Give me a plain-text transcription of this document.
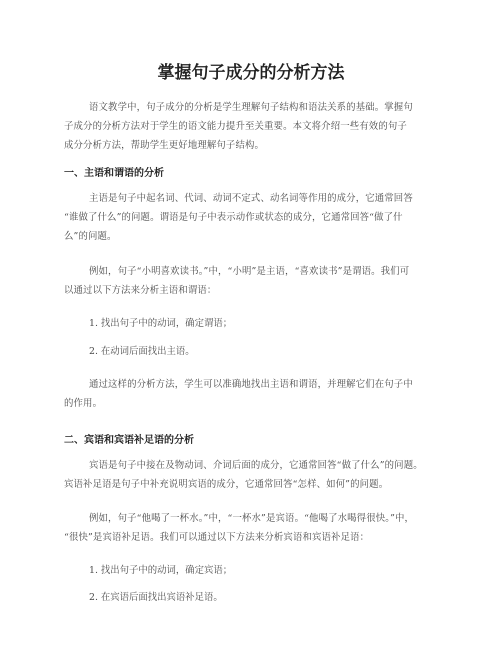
掌握句子成分的分析方法
语文教学中，句子成分的分析是学生理解句子结构和语法关系的基础。掌握句
子成分的分析方法对于学生的语文能力提升至关重要。本文将介绍一些有效的句子
成分分析方法，帮助学生更好地理解句子结构。
一、主语和谓语的分析
主语是句子中起名词、代词、动词不定式、动名词等作用的成分，它通常回答
“谁做了什么”的问题。谓语是句子中表示动作或状态的成分，它通常回答“做了什
么”的问题。
例如，句子“小明喜欢读书。”中，“小明”是主语，“喜欢读书”是谓语。我们可
以通过以下方法来分析主语和谓语：
1. 找出句子中的动词，确定谓语；
2. 在动词后面找出主语。
通过这样的分析方法，学生可以准确地找出主语和谓语，并理解它们在句子中
的作用。
二、宾语和宾语补足语的分析
宾语是句子中接在及物动词、介词后面的成分，它通常回答“做了什么”的问题。
宾语补足语是句子中补充说明宾语的成分，它通常回答“怎样、如何”的问题。
例如，句子“他喝了一杯水。”中，“一杯水”是宾语。“他喝了水喝得很快。”中，
“很快”是宾语补足语。我们可以通过以下方法来分析宾语和宾语补足语：
1. 找出句子中的动词，确定宾语；
2. 在宾语后面找出宾语补足语。
